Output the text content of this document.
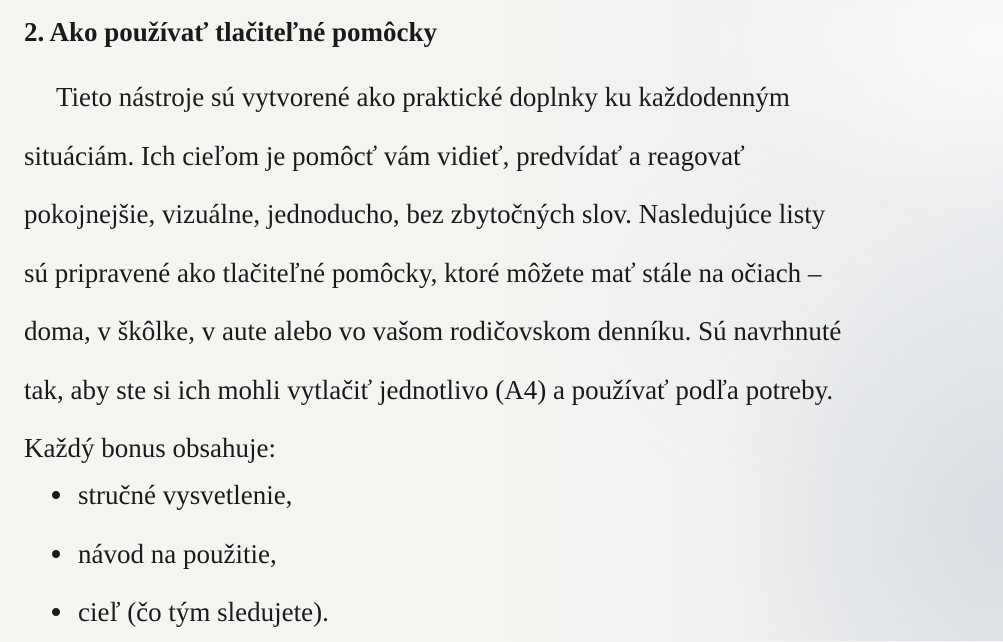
2. Ako používať tlačiteľné pomôcky
Tieto nástroje sú vytvorené ako praktické doplnky ku každodenným
situáciám. Ich cieľom je pomôcť vám vidieť, predvídať a reagovať
pokojnejšie, vizuálne, jednoducho, bez zbytočných slov. Nasledujúce listy
sú pripravené ako tlačiteľné pomôcky, ktoré môžete mať stále na očiach –
doma, v škôlke, v aute alebo vo vašom rodičovskom denníku. Sú navrhnuté
tak, aby ste si ich mohli vytlačiť jednotlivo (A4) a používať podľa potreby.
Každý bonus obsahuje:
stručné vysvetlenie,
návod na použitie,
cieľ (čo tým sledujete).
